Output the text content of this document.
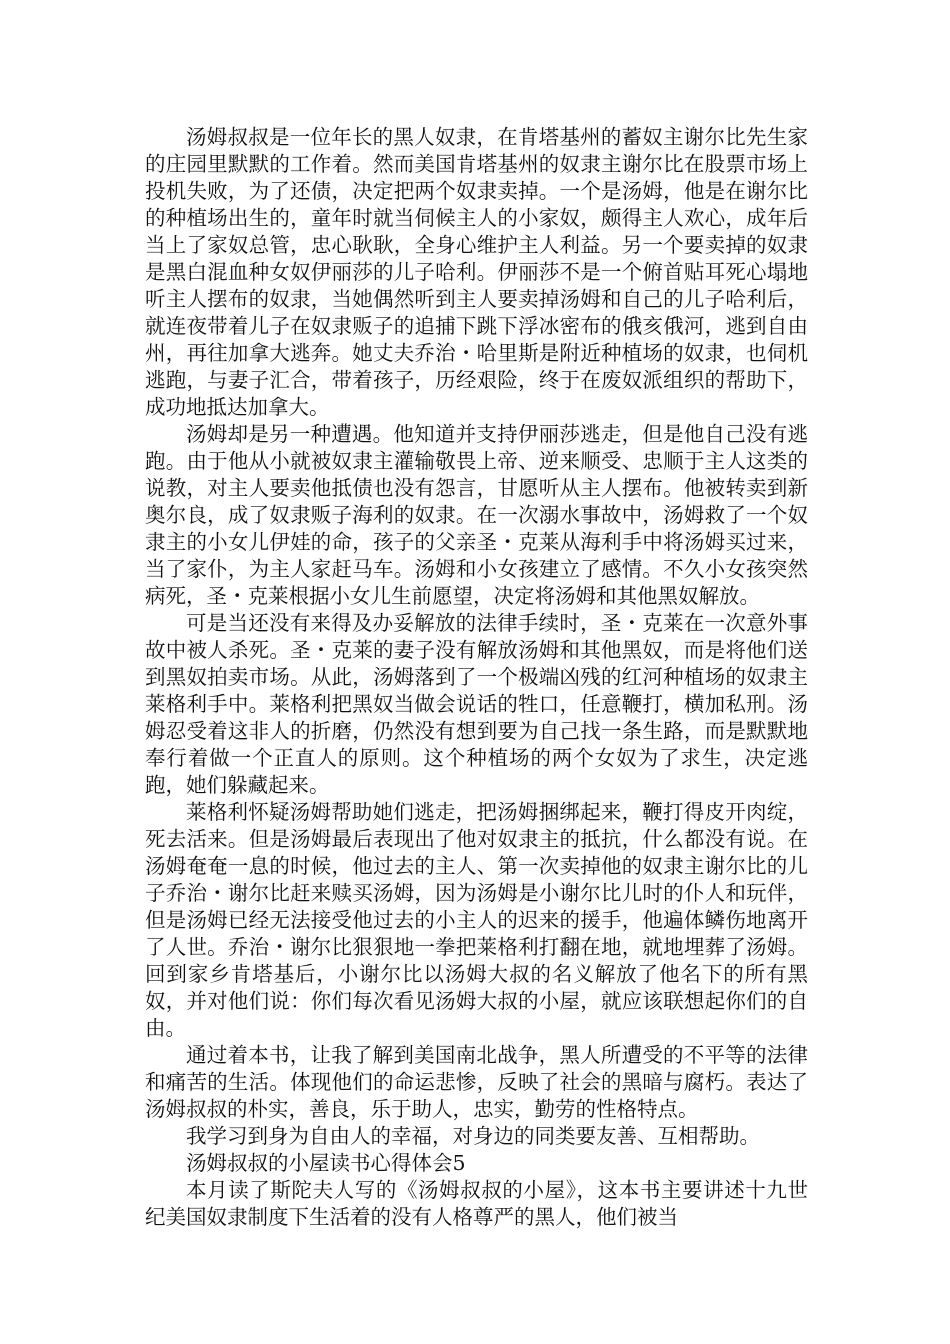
汤姆叔叔是一位年长的黑人奴隶，在肯塔基州的蓄奴主谢尔比先生家的庄园里默默的工作着。然而美国肯塔基州的奴隶主谢尔比在股票市场上投机失败，为了还债，决定把两个奴隶卖掉。一个是汤姆，他是在谢尔比的种植场出生的，童年时就当伺候主人的小家奴，颇得主人欢心，成年后当上了家奴总管，忠心耿耿，全身心维护主人利益。另一个要卖掉的奴隶是黑白混血种女奴伊丽莎的儿子哈利。伊丽莎不是一个俯首贴耳死心塌地听主人摆布的奴隶，当她偶然听到主人要卖掉汤姆和自己的儿子哈利后，就连夜带着儿子在奴隶贩子的追捕下跳下浮冰密布的俄亥俄河，逃到自由州，再往加拿大逃奔。她丈夫乔治・哈里斯是附近种植场的奴隶，也伺机逃跑，与妻子汇合，带着孩子，历经艰险，终于在废奴派组织的帮助下，成功地抵达加拿大。

汤姆却是另一种遭遇。他知道并支持伊丽莎逃走，但是他自己没有逃跑。由于他从小就被奴隶主灌输敬畏上帝、逆来顺受、忠顺于主人这类的说教，对主人要卖他抵债也没有怨言，甘愿听从主人摆布。他被转卖到新奥尔良，成了奴隶贩子海利的奴隶。在一次溺水事故中，汤姆救了一个奴隶主的小女儿伊娃的命，孩子的父亲圣・克莱从海利手中将汤姆买过来，当了家仆，为主人家赶马车。汤姆和小女孩建立了感情。不久小女孩突然病死，圣・克莱根据小女儿生前愿望，决定将汤姆和其他黑奴解放。

可是当还没有来得及办妥解放的法律手续时，圣・克莱在一次意外事故中被人杀死。圣・克莱的妻子没有解放汤姆和其他黑奴，而是将他们送到黑奴拍卖市场。从此，汤姆落到了一个极端凶残的红河种植场的奴隶主莱格利手中。莱格利把黑奴当做会说话的牲口，任意鞭打，横加私刑。汤姆忍受着这非人的折磨，仍然没有想到要为自己找一条生路，而是默默地奉行着做一个正直人的原则。这个种植场的两个女奴为了求生，决定逃跑，她们躲藏起来。

莱格利怀疑汤姆帮助她们逃走，把汤姆捆绑起来，鞭打得皮开肉绽，死去活来。但是汤姆最后表现出了他对奴隶主的抵抗，什么都没有说。在汤姆奄奄一息的时候，他过去的主人、第一次卖掉他的奴隶主谢尔比的儿子乔治・谢尔比赶来赎买汤姆，因为汤姆是小谢尔比儿时的仆人和玩伴，但是汤姆已经无法接受他过去的小主人的迟来的援手，他遍体鳞伤地离开了人世。乔治・谢尔比狠狠地一拳把莱格利打翻在地，就地埋葬了汤姆。回到家乡肯塔基后，小谢尔比以汤姆大叔的名义解放了他名下的所有黑奴，并对他们说：你们每次看见汤姆大叔的小屋，就应该联想起你们的自由。

通过着本书，让我了解到美国南北战争，黑人所遭受的不平等的法律和痛苦的生活。体现他们的命运悲惨，反映了社会的黑暗与腐朽。表达了汤姆叔叔的朴实，善良，乐于助人，忠实，勤劳的性格特点。

我学习到身为自由人的幸福，对身边的同类要友善、互相帮助。

汤姆叔叔的小屋读书心得体会5

本月读了斯陀夫人写的《汤姆叔叔的小屋》，这本书主要讲述十九世纪美国奴隶制度下生活着的没有人格尊严的黑人，他们被当
